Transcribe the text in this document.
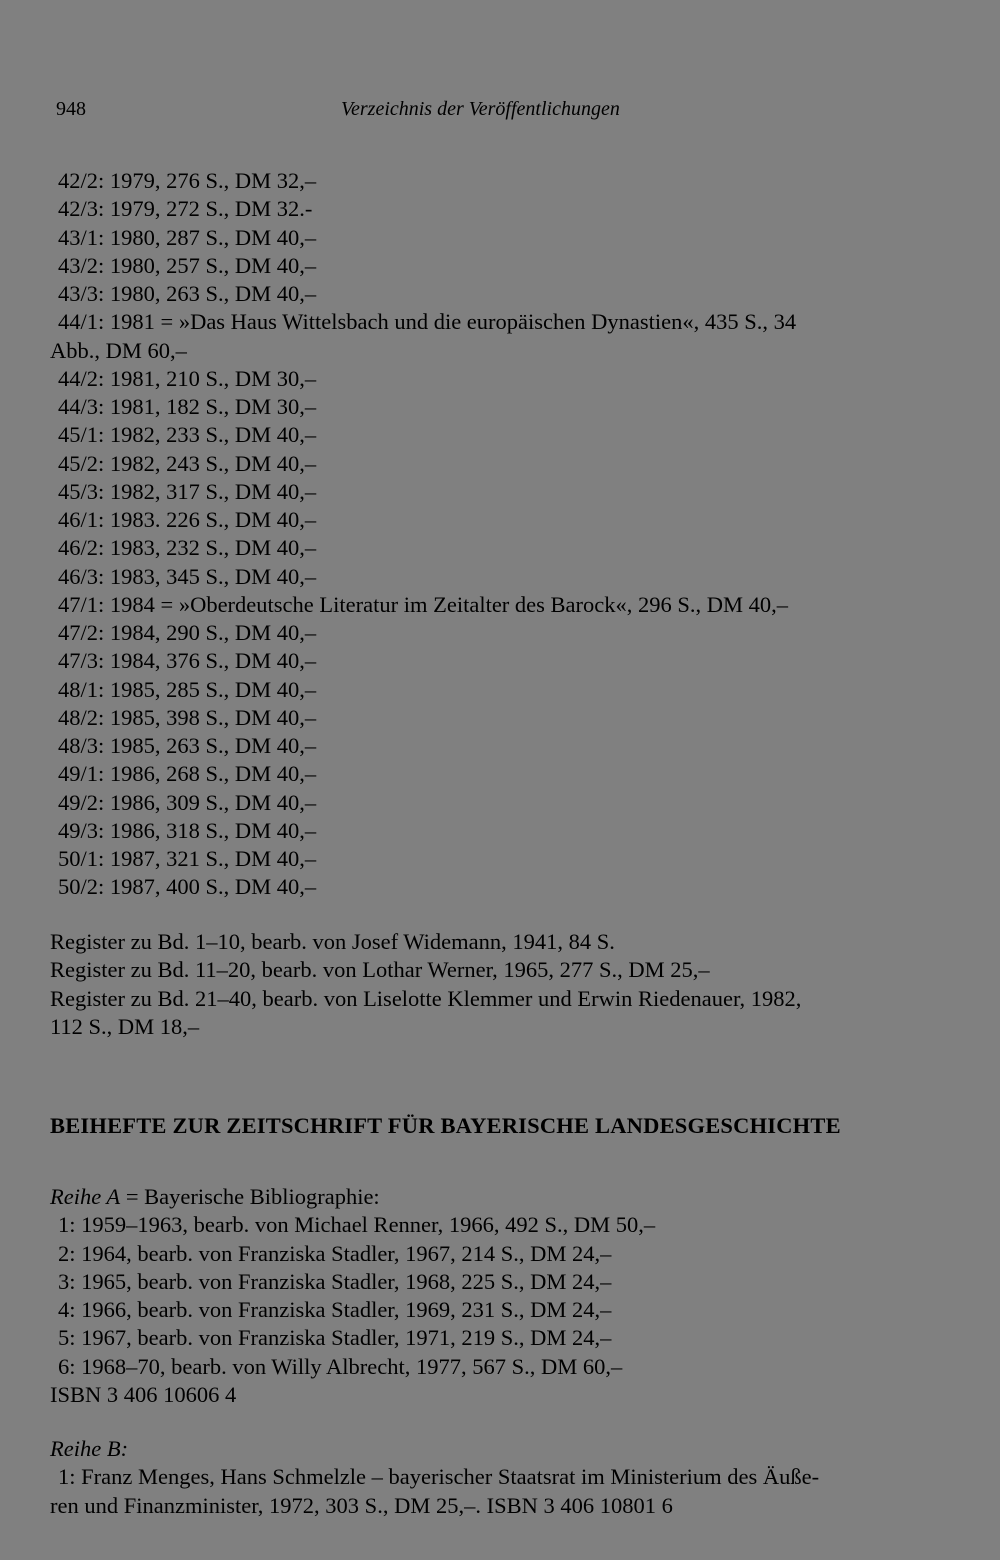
948	Verzeichnis der Veröffentlichungen
42/2: 1979, 276 S., DM 32,–
42/3: 1979, 272 S., DM 32.-
43/1: 1980, 287 S., DM 40,–
43/2: 1980, 257 S., DM 40,–
43/3: 1980, 263 S., DM 40,–
44/1: 1981 = »Das Haus Wittelsbach und die europäischen Dynastien«, 435 S., 34
Abb., DM 60,–
44/2: 1981, 210 S., DM 30,–
44/3: 1981, 182 S., DM 30,–
45/1: 1982, 233 S., DM 40,–
45/2: 1982, 243 S., DM 40,–
45/3: 1982, 317 S., DM 40,–
46/1: 1983. 226 S., DM 40,–
46/2: 1983, 232 S., DM 40,–
46/3: 1983, 345 S., DM 40,–
47/1: 1984 = »Oberdeutsche Literatur im Zeitalter des Barock«, 296 S., DM 40,–
47/2: 1984, 290 S., DM 40,–
47/3: 1984, 376 S., DM 40,–
48/1: 1985, 285 S., DM 40,–
48/2: 1985, 398 S., DM 40,–
48/3: 1985, 263 S., DM 40,–
49/1: 1986, 268 S., DM 40,–
49/2: 1986, 309 S., DM 40,–
49/3: 1986, 318 S., DM 40,–
50/1: 1987, 321 S., DM 40,–
50/2: 1987, 400 S., DM 40,–
Register zu Bd. 1–10, bearb. von Josef Widemann, 1941, 84 S.
Register zu Bd. 11–20, bearb. von Lothar Werner, 1965, 277 S., DM 25,–
Register zu Bd. 21–40, bearb. von Liselotte Klemmer und Erwin Riedenauer, 1982,
112 S., DM 18,–
BEIHEFTE ZUR ZEITSCHRIFT FÜR BAYERISCHE LANDESGESCHICHTE
Reihe A = Bayerische Bibliographie:
1: 1959–1963, bearb. von Michael Renner, 1966, 492 S., DM 50,–
2: 1964, bearb. von Franziska Stadler, 1967, 214 S., DM 24,–
3: 1965, bearb. von Franziska Stadler, 1968, 225 S., DM 24,–
4: 1966, bearb. von Franziska Stadler, 1969, 231 S., DM 24,–
5: 1967, bearb. von Franziska Stadler, 1971, 219 S., DM 24,–
6: 1968–70, bearb. von Willy Albrecht, 1977, 567 S., DM 60,–
ISBN 3 406 10606 4
Reihe B:
1: Franz Menges, Hans Schmelzle – bayerischer Staatsrat im Ministerium des Äuße-
ren und Finanzminister, 1972, 303 S., DM 25,–. ISBN 3 406 10801 6
